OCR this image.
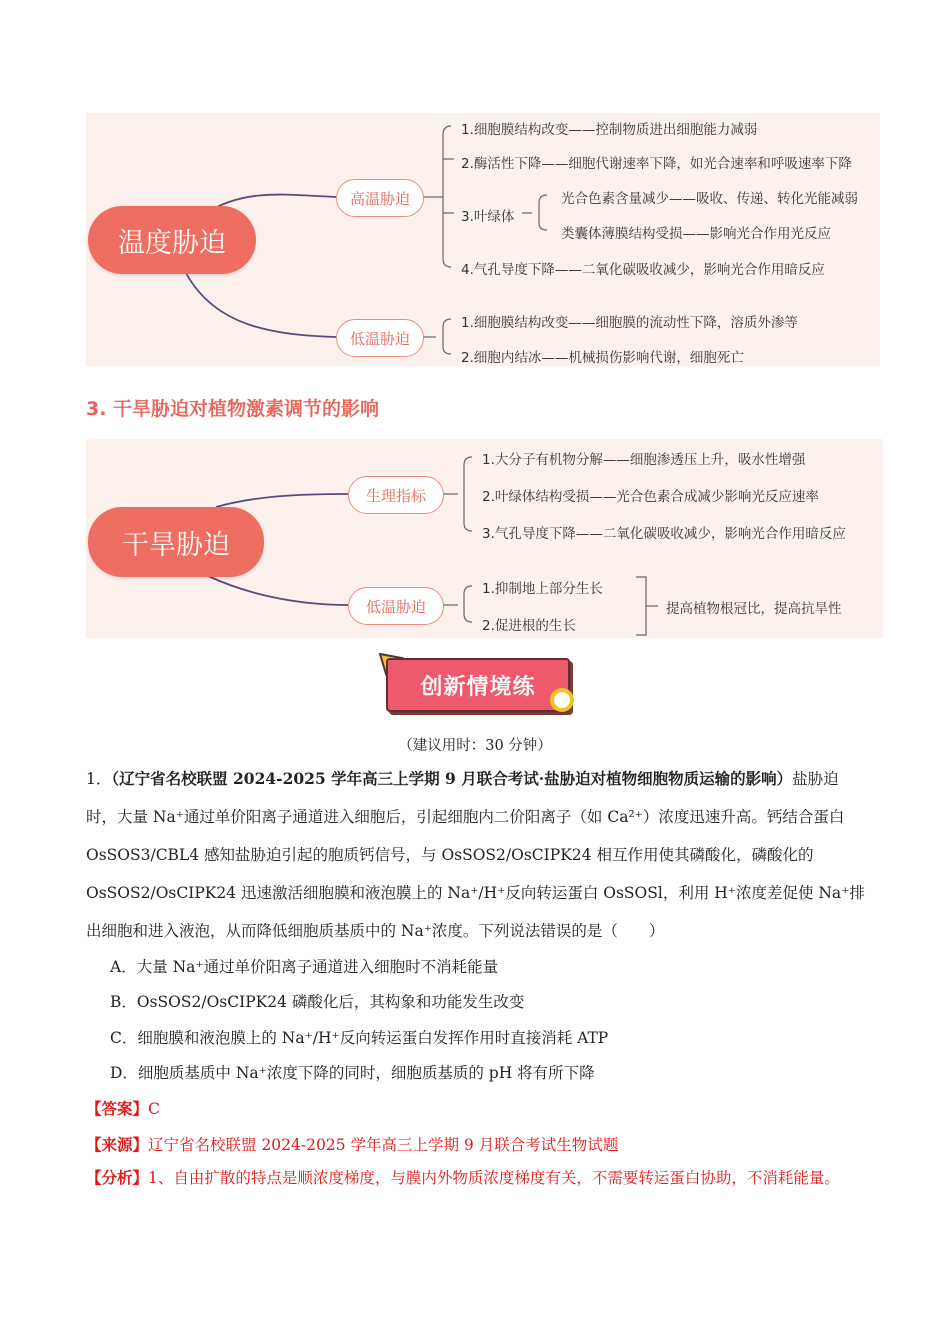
温度胁迫
高温胁迫
低温胁迫
1.细胞膜结构改变——控制物质进出细胞能力减弱
2.酶活性下降——细胞代谢速率下降，如光合速率和呼吸速率下降
3.叶绿体
4.气孔导度下降——二氧化碳吸收减少，影响光合作用暗反应
光合色素含量减少——吸收、传递、转化光能减弱
类囊体薄膜结构受损——影响光合作用光反应
1.细胞膜结构改变——细胞膜的流动性下降，溶质外渗等
2.细胞内结冰——机械损伤影响代谢，细胞死亡
3. 干旱胁迫对植物激素调节的影响
干旱胁迫
生理指标
低温胁迫
1.大分子有机物分解——细胞渗透压上升，吸水性增强
2.叶绿体结构受损——光合色素合成减少影响光反应速率
3.气孔导度下降——二氧化碳吸收减少，影响光合作用暗反应
1.抑制地上部分生长
2.促进根的生长
提高植物根冠比，提高抗旱性
创新情境练
（建议用时：30 分钟）
1．（辽宁省名校联盟 2024-2025 学年高三上学期 9 月联合考试·盐胁迫对植物细胞物质运输的影响）盐胁迫时，大量 Na⁺通过单价阳离子通道进入细胞后，引起细胞内二价阳离子（如 Ca²⁺）浓度迅速升高。钙结合蛋白 OsSOS3/CBL4 感知盐胁迫引起的胞质钙信号，与 OsSOS2/OsCIPK24 相互作用使其磷酸化，磷酸化的 OsSOS2/OsCIPK24 迅速激活细胞膜和液泡膜上的 Na⁺/H⁺反向转运蛋白 OsSOSl，利用 H⁺浓度差促使 Na⁺排出细胞和进入液泡，从而降低细胞质基质中的 Na⁺浓度。下列说法错误的是（　　）
A．大量 Na⁺通过单价阳离子通道进入细胞时不消耗能量
B．OsSOS2/OsCIPK24 磷酸化后，其构象和功能发生改变
C．细胞膜和液泡膜上的 Na⁺/H⁺反向转运蛋白发挥作用时直接消耗 ATP
D．细胞质基质中 Na⁺浓度下降的同时，细胞质基质的 pH 将有所下降
【答案】C
【来源】辽宁省名校联盟 2024-2025 学年高三上学期 9 月联合考试生物试题
【分析】1、自由扩散的特点是顺浓度梯度，与膜内外物质浓度梯度有关，不需要转运蛋白协助，不消耗能量。
